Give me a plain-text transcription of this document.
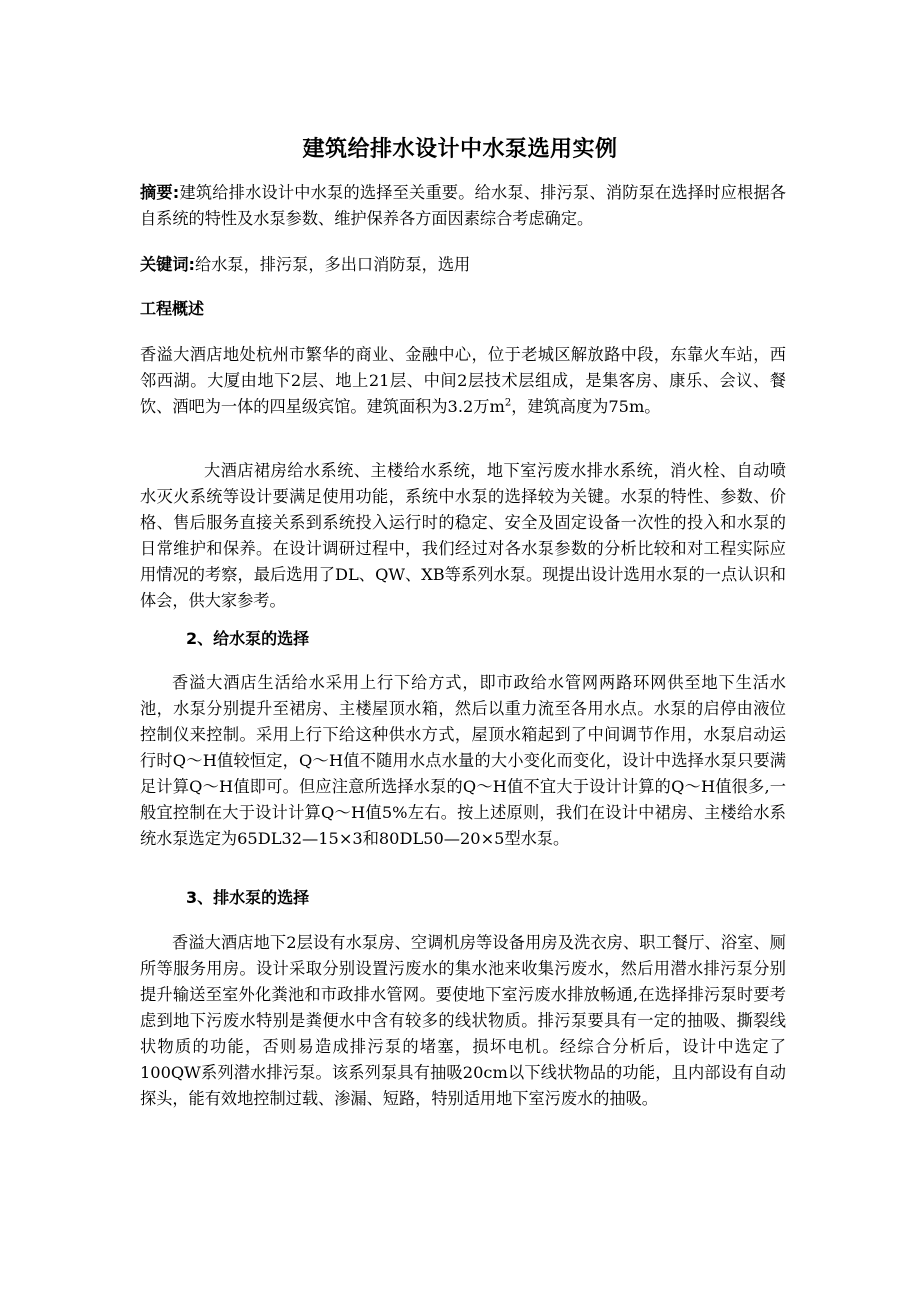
建筑给排水设计中水泵选用实例

摘要:建筑给排水设计中水泵的选择至关重要。给水泵、排污泵、消防泵在选择时应根据各自系统的特性及水泵参数、维护保养各方面因素综合考虑确定。

关键词:给水泵，排污泵，多出口消防泵，选用

工程概述

香溢大酒店地处杭州市繁华的商业、金融中心，位于老城区解放路中段，东靠火车站，西邻西湖。大厦由地下2层、地上21层、中间2层技术层组成，是集客房、康乐、会议、餐饮、酒吧为一体的四星级宾馆。建筑面积为3.2万$m^2$，建筑高度为75m。

大酒店裙房给水系统、主楼给水系统，地下室污废水排水系统，消火栓、自动喷水灭火系统等设计要满足使用功能，系统中水泵的选择较为关键。水泵的特性、参数、价格、售后服务直接关系到系统投入运行时的稳定、安全及固定设备一次性的投入和水泵的日常维护和保养。在设计调研过程中，我们经过对各水泵参数的分析比较和对工程实际应用情况的考察，最后选用了DL、QW、XB等系列水泵。现提出设计选用水泵的一点认识和体会，供大家参考。

2、给水泵的选择

香溢大酒店生活给水采用上行下给方式，即市政给水管网两路环网供至地下生活水池，水泵分别提升至裙房、主楼屋顶水箱，然后以重力流至各用水点。水泵的启停由液位控制仪来控制。采用上行下给这种供水方式，屋顶水箱起到了中间调节作用，水泵启动运行时Q～H值较恒定，Q～H值不随用水点水量的大小变化而变化，设计中选择水泵只要满足计算Q～H值即可。但应注意所选择水泵的Q～H值不宜大于设计计算的Q～H值很多,一般宜控制在大于设计计算Q～H值5%左右。按上述原则，我们在设计中裙房、主楼给水系统水泵选定为65DL32—15×3和80DL50—20×5型水泵。

3、排水泵的选择

香溢大酒店地下2层设有水泵房、空调机房等设备用房及洗衣房、职工餐厅、浴室、厕所等服务用房。设计采取分别设置污废水的集水池来收集污废水，然后用潜水排污泵分别提升输送至室外化粪池和市政排水管网。要使地下室污废水排放畅通,在选择排污泵时要考虑到地下污废水特别是粪便水中含有较多的线状物质。排污泵要具有一定的抽吸、撕裂线状物质的功能，否则易造成排污泵的堵塞，损坏电机。经综合分析后，设计中选定了100QW系列潜水排污泵。该系列泵具有抽吸20cm以下线状物品的功能，且内部设有自动探头，能有效地控制过载、渗漏、短路，特别适用地下室污废水的抽吸。
